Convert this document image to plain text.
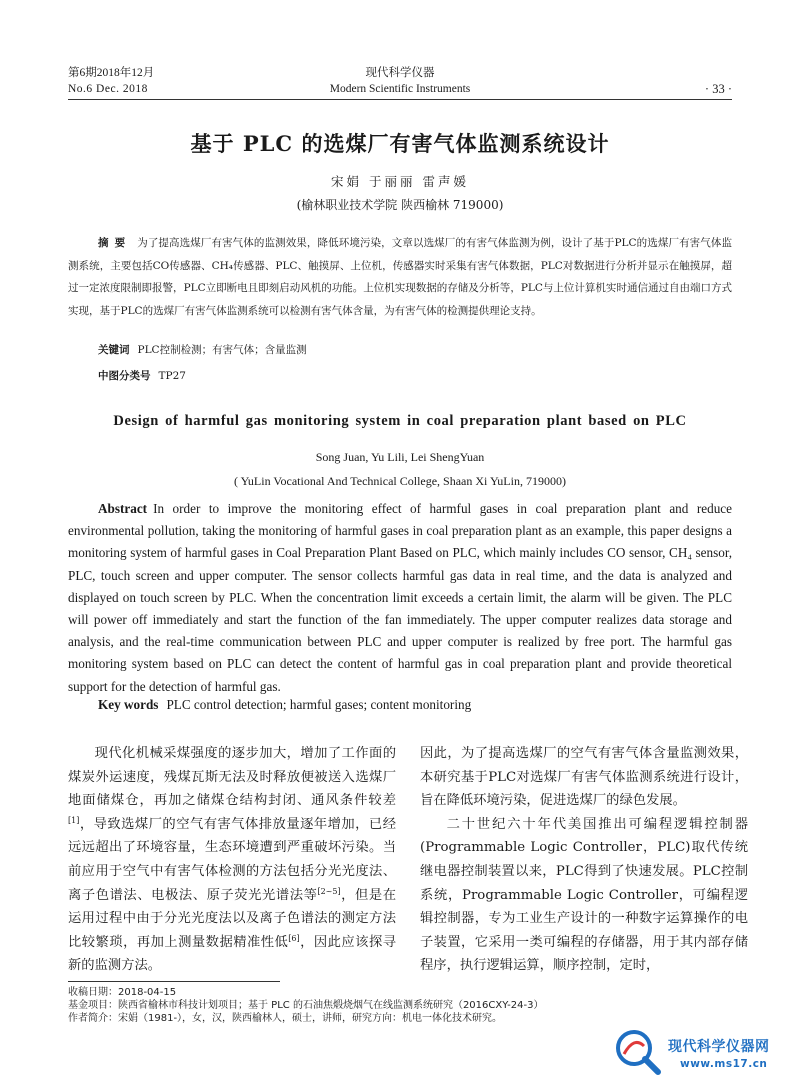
第6期2018年12月
No.6 Dec. 2018
现代科学仪器
Modern Scientific Instruments	· 33 ·
基于 PLC 的选煤厂有害气体监测系统设计
宋娟 于丽丽 雷声媛
(榆林职业技术学院 陕西榆林 719000)
摘要 为了提高选煤厂有害气体的监测效果，降低环境污染，文章以选煤厂的有害气体监测为例，设计了基于PLC的选煤厂有害气体监测系统，主要包括CO传感器、CH₄传感器、PLC、触摸屏、上位机，传感器实时采集有害气体数据，PLC对数据进行分析并显示在触摸屏，超过一定浓度限制即报警，PLC立即断电且即刻启动风机的功能。上位机实现数据的存储及分析等，PLC与上位计算机实时通信通过自由端口方式实现，基于PLC的选煤厂有害气体监测系统可以检测有害气体含量，为有害气体的检测提供理论支持。
关键词 PLC控制检测；有害气体；含量监测
中图分类号 TP27
Design of harmful gas monitoring system in coal preparation plant based on PLC
Song Juan, Yu Lili, Lei ShengYuan
( YuLin Vocational And Technical College, Shaan Xi YuLin, 719000)
Abstract In order to improve the monitoring effect of harmful gases in coal preparation plant and reduce environmental pollution, taking the monitoring of harmful gases in coal preparation plant as an example, this paper designs a monitoring system of harmful gases in Coal Preparation Plant Based on PLC, which mainly includes CO sensor, CH₄ sensor, PLC, touch screen and upper computer. The sensor collects harmful gas data in real time, and the data is analyzed and displayed on touch screen by PLC. When the concentration limit exceeds a certain limit, the alarm will be given. The PLC will power off immediately and start the function of the fan immediately. The upper computer realizes data storage and analysis, and the real-time communication between PLC and upper computer is realized by free port. The harmful gas monitoring system based on PLC can detect the content of harmful gas in coal preparation plant and provide theoretical support for the detection of harmful gas.
Key words PLC control detection; harmful gases; content monitoring

现代化机械采煤强度的逐步加大，增加了工作面的煤炭外运速度，残煤瓦斯无法及时释放便被送入选煤厂地面储煤仓，再加之储煤仓结构封闭、通风条件较差[1]，导致选煤厂的空气有害气体排放量逐年增加，已经远远超出了环境容量，生态环境遭到严重破坏污染。当前应用于空气中有害气体检测的方法包括分光光度法、离子色谱法、电极法、原子荧光光谱法等[2~5]，但是在运用过程中由于分光光度法以及离子色谱法的测定方法比较繁琐，再加上测量数据精准性低[6]，因此应该探寻新的监测方法。

因此，为了提高选煤厂的空气有害气体含量监测效果，本研究基于PLC对选煤厂有害气体监测系统进行设计，旨在降低环境污染，促进选煤厂的绿色发展。

二十世纪六十年代美国推出可编程逻辑控制器(Programmable Logic Controller，PLC)取代传统继电器控制装置以来，PLC得到了快速发展。PLC控制系统，Programmable Logic Controller，可编程逻辑控制器，专为工业生产设计的一种数字运算操作的电子装置，它采用一类可编程的存储器，用于其内部存储程序，执行逻辑运算，顺序控制，定时，

收稿日期：2018-04-15
基金项目：陕西省榆林市科技计划项目；基于 PLC 的石油焦煅烧烟气在线监测系统研究（2016CXY-24-3）
作者简介：宋娟（1981-），女，汉，陕西榆林人，硕士，讲师，研究方向：机电一体化技术研究。
现代科学仪器网
www.ms17.cn
